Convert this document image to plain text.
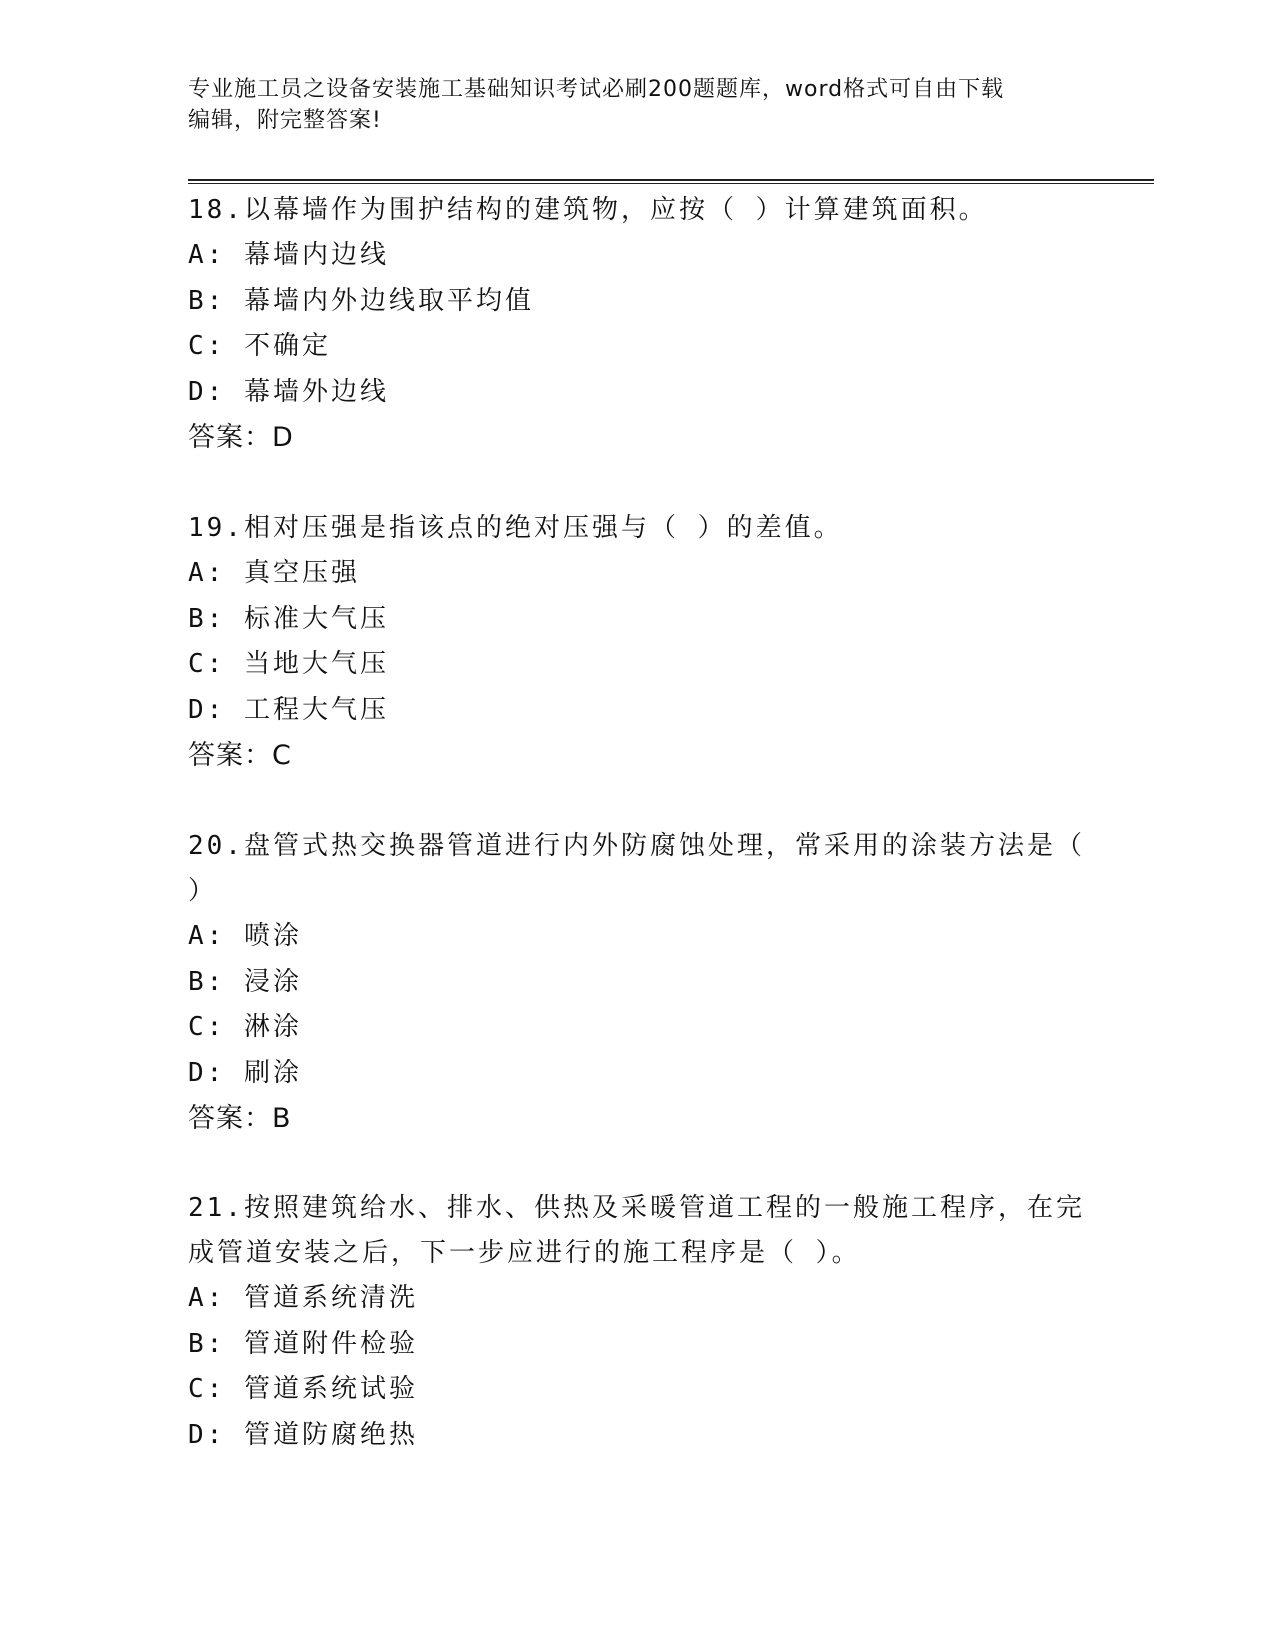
专业施工员之设备安装施工基础知识考试必刷200题题库，word格式可自由下载
编辑，附完整答案!
18.以幕墙作为围护结构的建筑物，应按（ ）计算建筑面积。
A: 幕墙内边线
B: 幕墙内外边线取平均值
C: 不确定
D: 幕墙外边线
答案：D
19.相对压强是指该点的绝对压强与（ ）的差值。
A: 真空压强
B: 标准大气压
C: 当地大气压
D: 工程大气压
答案：C
20.盘管式热交换器管道进行内外防腐蚀处理，常采用的涂装方法是（ ）
A: 喷涂
B: 浸涂
C: 淋涂
D: 刷涂
答案：B
21.按照建筑给水、排水、供热及采暖管道工程的一般施工程序，在完成管道安装之后，下一步应进行的施工程序是（ ）。
A: 管道系统清洗
B: 管道附件检验
C: 管道系统试验
D: 管道防腐绝热
